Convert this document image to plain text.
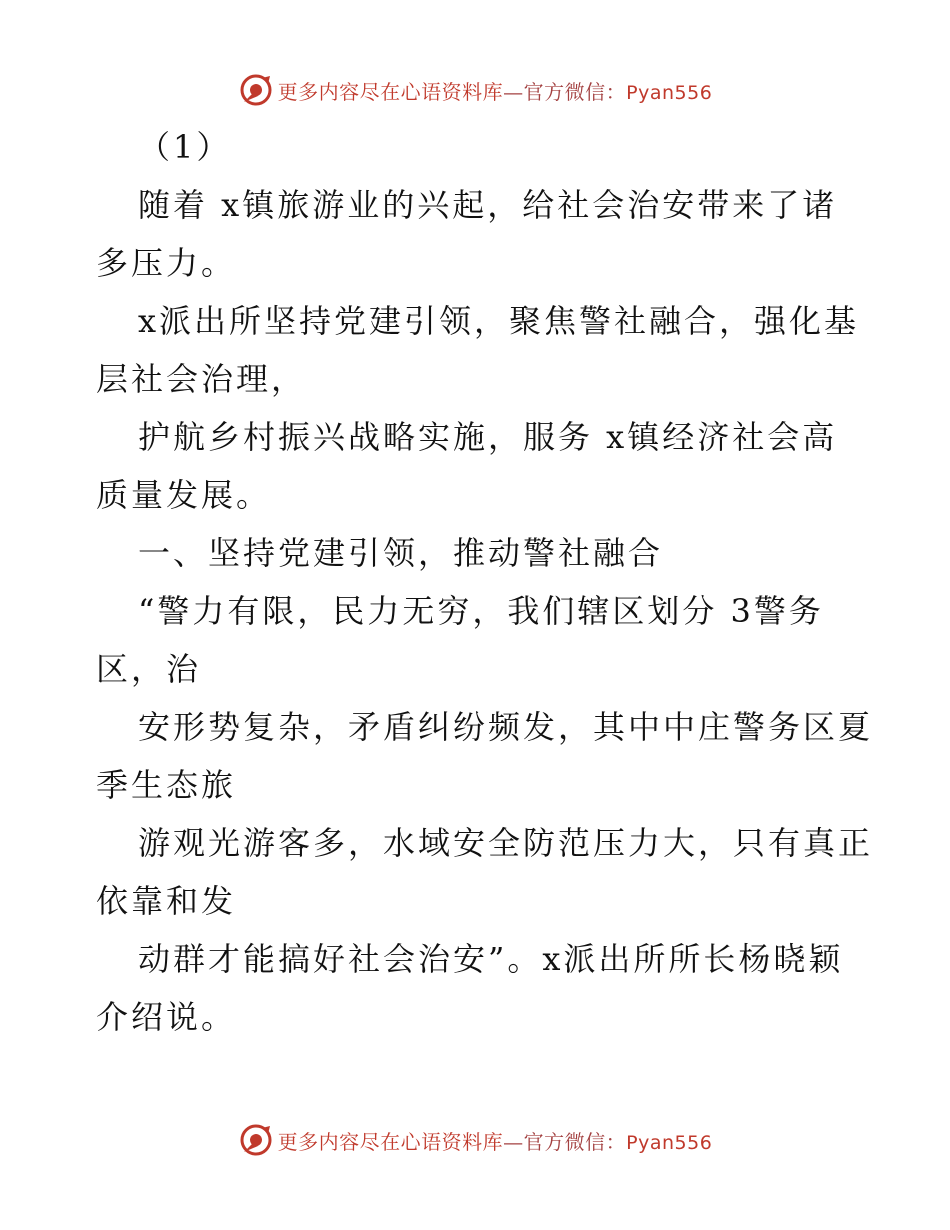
更多内容尽在心语资料库—官方微信：Pyan556
（1）
随着 x镇旅游业的兴起，给社会治安带来了诸
多压力。
x派出所坚持党建引领，聚焦警社融合，强化基
层社会治理，
护航乡村振兴战略实施，服务 x镇经济社会高
质量发展。
一、坚持党建引领，推动警社融合
“警力有限，民力无穷，我们辖区划分 3警务
区，治
安形势复杂，矛盾纠纷频发，其中中庄警务区夏
季生态旅
游观光游客多，水域安全防范压力大，只有真正
依靠和发
动群才能搞好社会治安”。x派出所所长杨晓颖
介绍说。
更多内容尽在心语资料库—官方微信：Pyan556
